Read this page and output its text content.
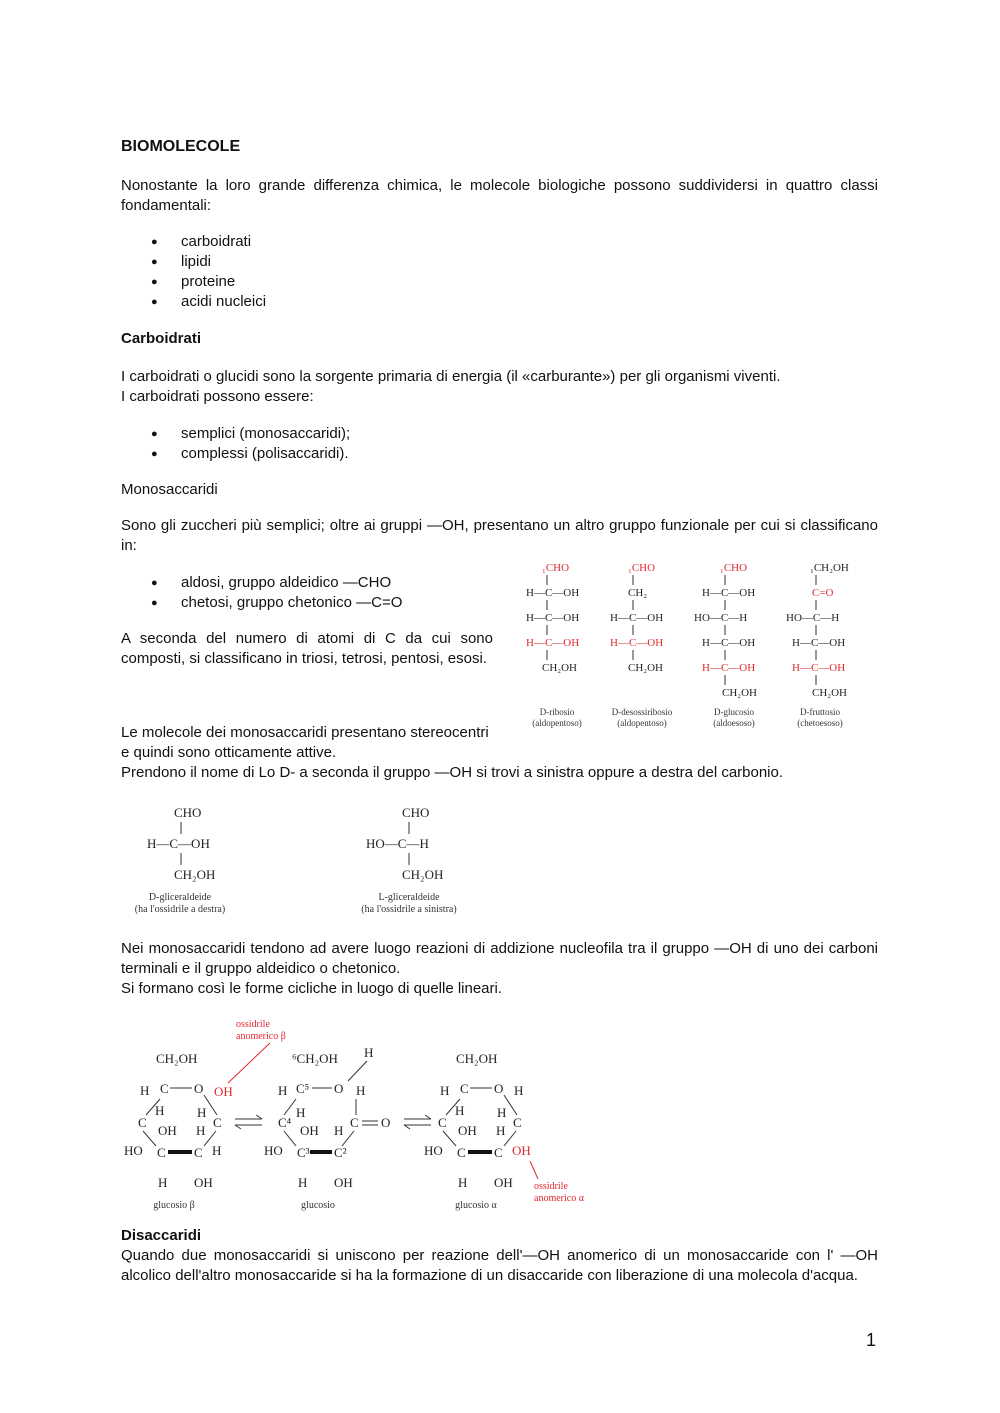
BIOMOLECOLE
Nonostante la loro grande differenza chimica, le molecole biologiche possono suddividersi in quattro classi fondamentali:
● carboidrati
● lipidi
● proteine
● acidi nucleici
Carboidrati
I carboidrati o glucidi sono la sorgente primaria di energia (il «carburante») per gli organismi viventi.
I carboidrati possono essere:
● semplici (monosaccaridi);
● complessi (polisaccaridi).
Monosaccaridi
Sono gli zuccheri più semplici; oltre ai gruppi —OH, presentano un altro gruppo funzionale per cui si classificano in:
● aldosi, gruppo aldeidico —CHO
● chetosi, gruppo chetonico —C=O
A seconda del numero di atomi di C da cui sono composti, si classificano in triosi, tetrosi, pentosi, esosi.
₁CHO
H—C—OH
H—C—OH
H—C—OH
CH₂OH
₁CHO
CH₂
H—C—OH
H—C—OH
CH₂OH
₁CHO
H—C—OH
HO—C—H
H—C—OH
H—C—OH
CH₂OH
₁CH₂OH
C=O
HO—C—H
H—C—OH
H—C—OH
CH₂OH
D-ribosio
(aldopentoso)
D-desossiribosio
(aldopentoso)
D-glucosio
(aldoesoso)
D-fruttosio
(chetoesoso)
Le molecole dei monosaccaridi presentano stereocentri
e quindi sono otticamente attive.
Prendono il nome di Lo D- a seconda il gruppo —OH si trovi a sinistra oppure a destra del carbonio.
CHO
H—C—OH
CH₂OH
CHO
HO—C—H
CH₂OH
D-gliceraldeide
(ha l'ossidrile a destra)
L-gliceraldeide
(ha l'ossidrile a sinistra)
Nei monosaccaridi tendono ad avere luogo reazioni di addizione nucleofila tra il gruppo —OH di uno dei carboni terminali e il gruppo aldeidico o chetonico.
Si formano così le forme cicliche in luogo di quelle lineari.
ossidrile
anomerico β
CH₂OH
H C O OH
C
H
C
H
OH H
HO C C H
H OH
⁶CH₂OH H
H C⁵ O H
C⁴
H
C O
OH H
HO C³ C²
H OH
CH₂OH
H C O H
C
H
C
H
OH H
HO C C OH
H OH ossidrile
anomerico α
glucosio β	glucosio	glucosio α
Disaccaridi
Quando due monosaccaridi si uniscono per reazione dell'—OH anomerico di un monosaccaride con l' —OH alcolico dell'altro monosaccaride si ha la formazione di un disaccaride con liberazione di una molecola d'acqua.
1
